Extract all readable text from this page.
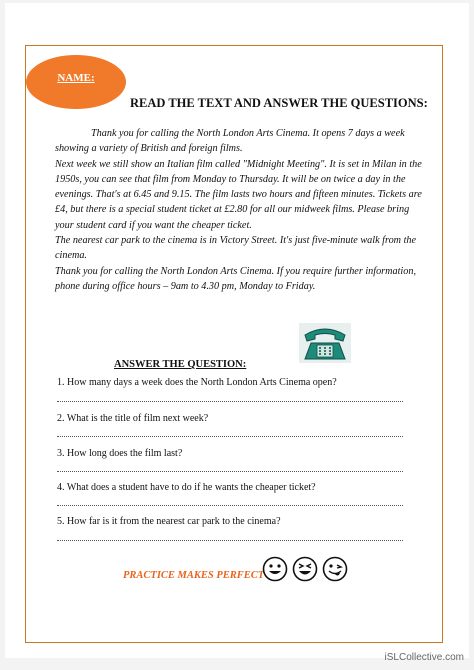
NAME:
READ THE TEXT AND ANSWER THE QUESTIONS:

Thank you for calling the North London Arts Cinema. It opens 7 days a week showing a variety of British and foreign films.

Next week we still show an Italian film called "Midnight Meeting". It is set in Milan in the 1950s, you can see that film from Monday to Thursday. It will be on twice a day in the evenings. That's at 6.45 and 9.15. The film lasts two hours and fifteen minutes. Tickets are £4, but there is a special student ticket at £2.80 for all our midweek films. Please bring your student card if you want the cheaper ticket.

The nearest car park to the cinema is in Victory Street. It's just five-minute walk from the cinema.

Thank you for calling the North London Arts Cinema. If you require further information, phone during office hours – 9am to 4.30 pm, Monday to Friday.

ANSWER THE QUESTION:
1. How many days a week does the North London Arts Cinema open?
2. What is the title of film next week?
3. How long does the film last?
4. What does a student have to do if he wants the cheaper ticket?
5. How far is it from the nearest car park to the cinema?
PRACTICE MAKES PERFECT
iSLCollective.com
